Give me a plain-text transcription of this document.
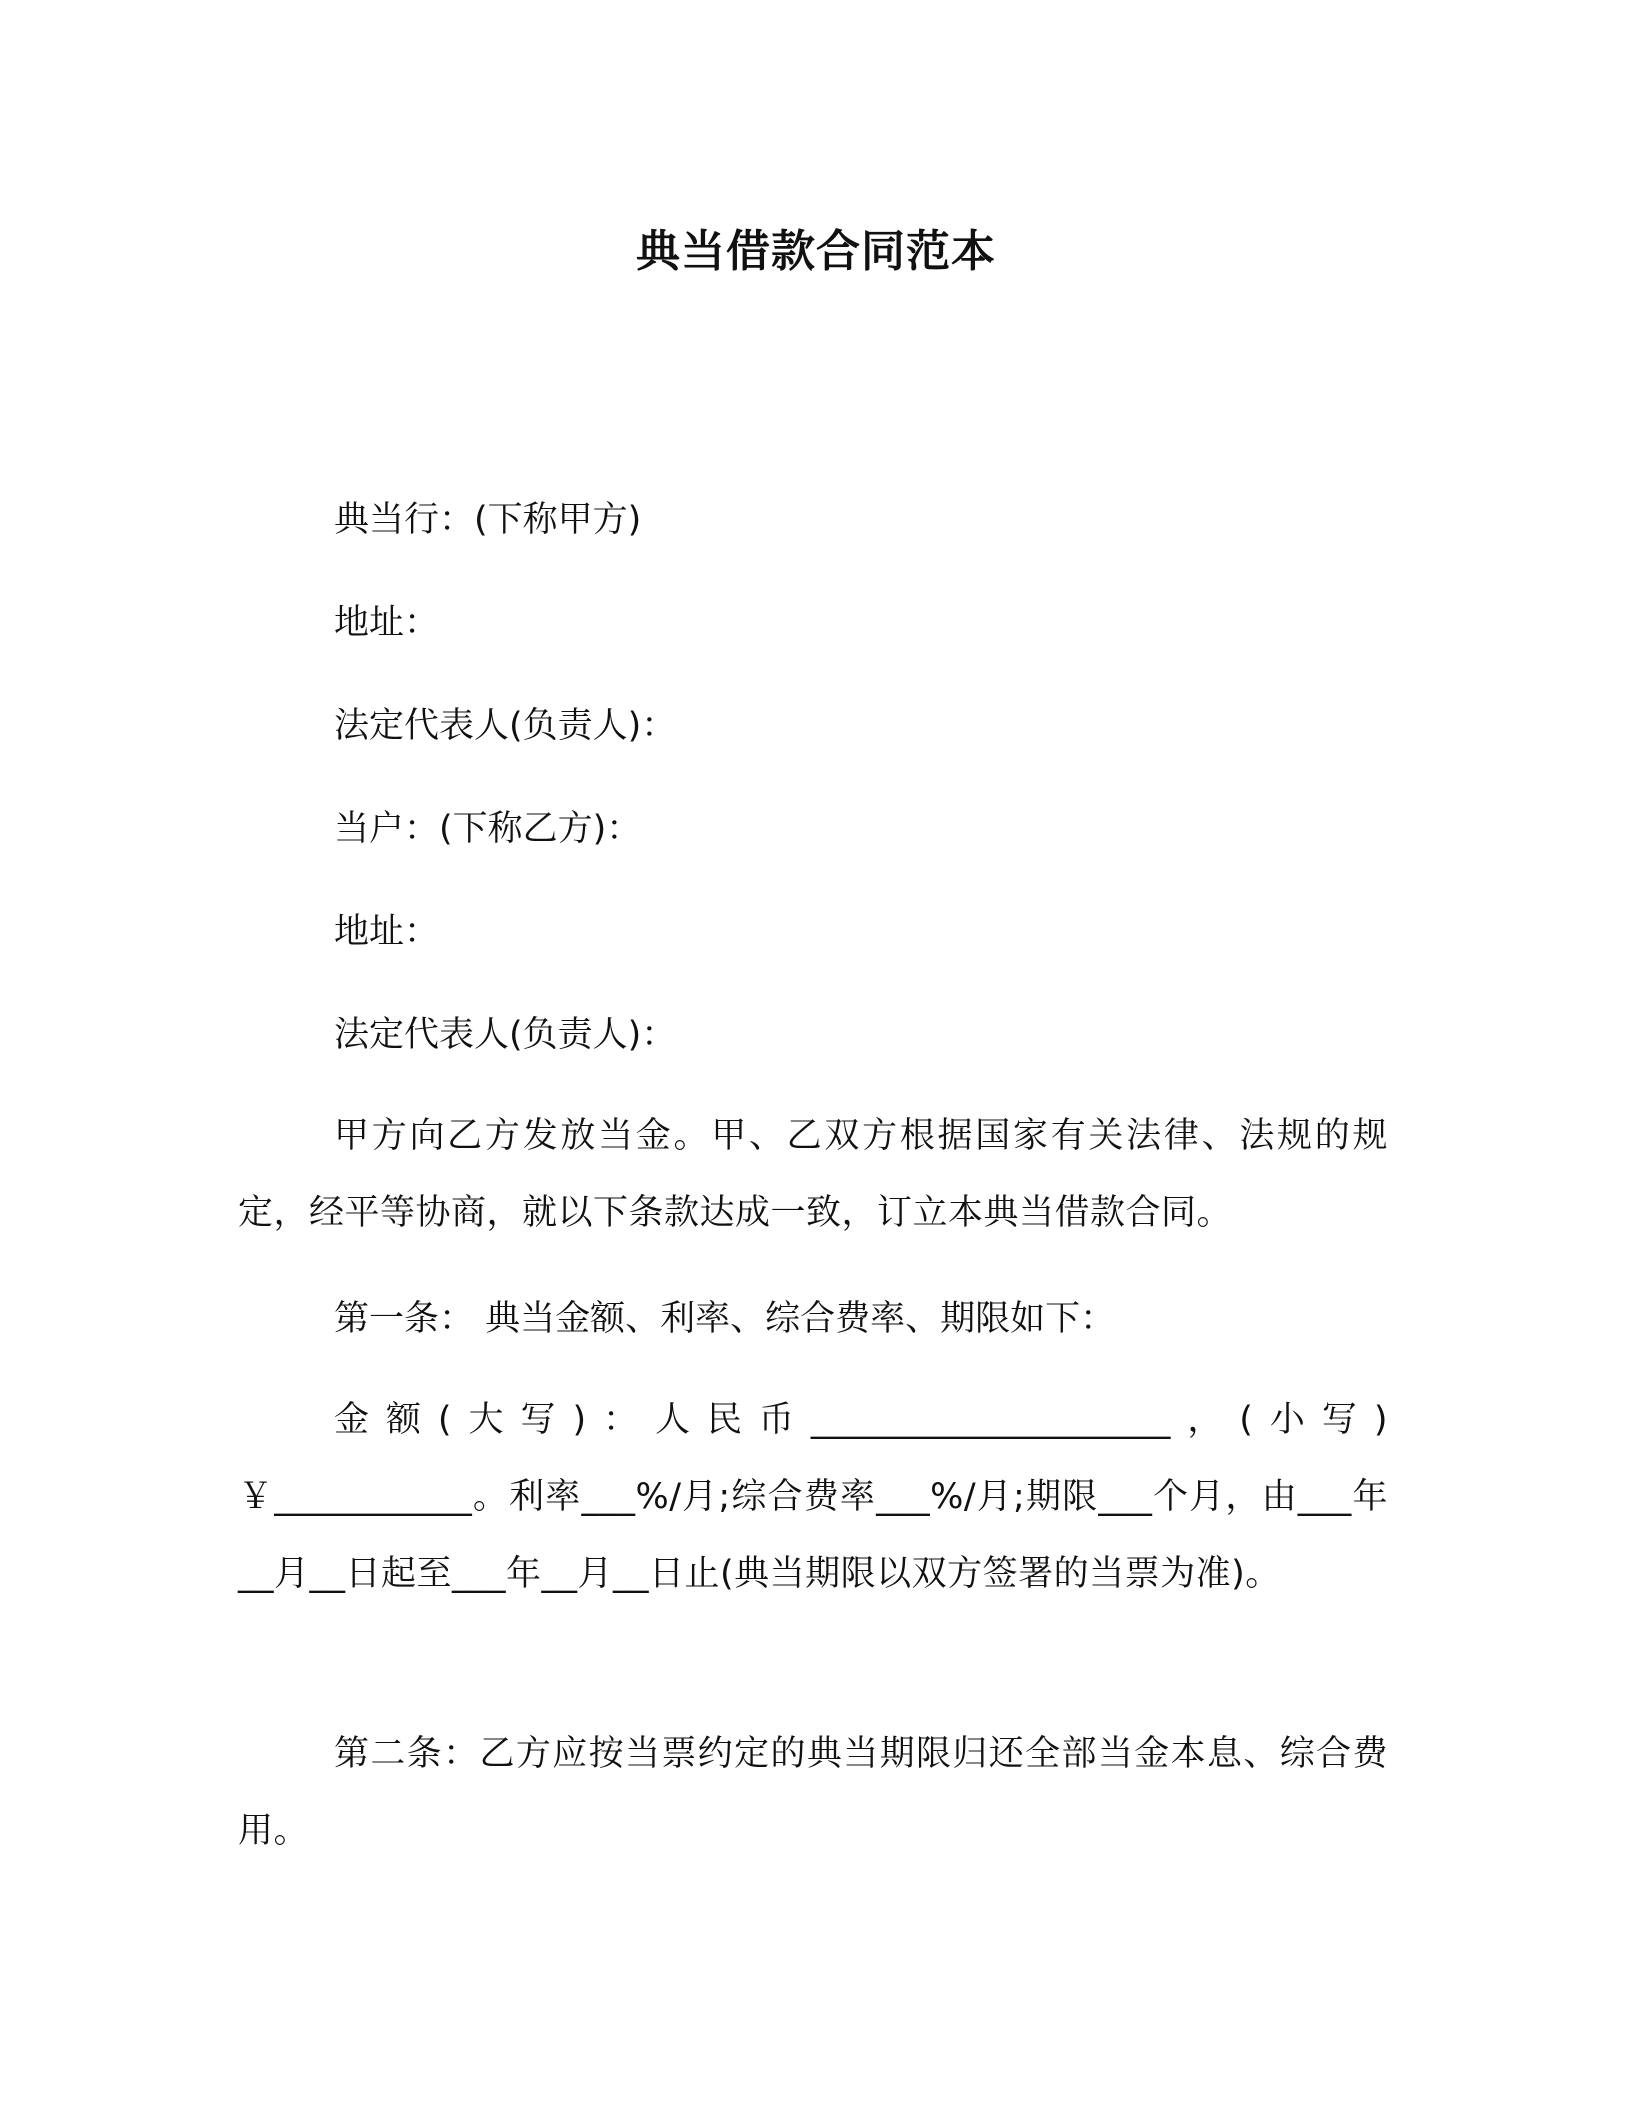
典当借款合同范本

典当行：(下称甲方)

地址：

法定代表人(负责人)：

当户：(下称乙方)：

地址：

法定代表人(负责人)：

甲方向乙方发放当金。甲、乙双方根据国家有关法律、法规的规定，经平等协商，就以下条款达成一致，订立本典当借款合同。

第一条： 典当金额、利率、综合费率、期限如下：

金额(大写)：人民币____________________，(小写)￥___________。利率___%/月;综合费率___%/月;期限___个月，由___年__月__日起至___年__月__日止(典当期限以双方签署的当票为准)。

第二条：乙方应按当票约定的典当期限归还全部当金本息、综合费用。
